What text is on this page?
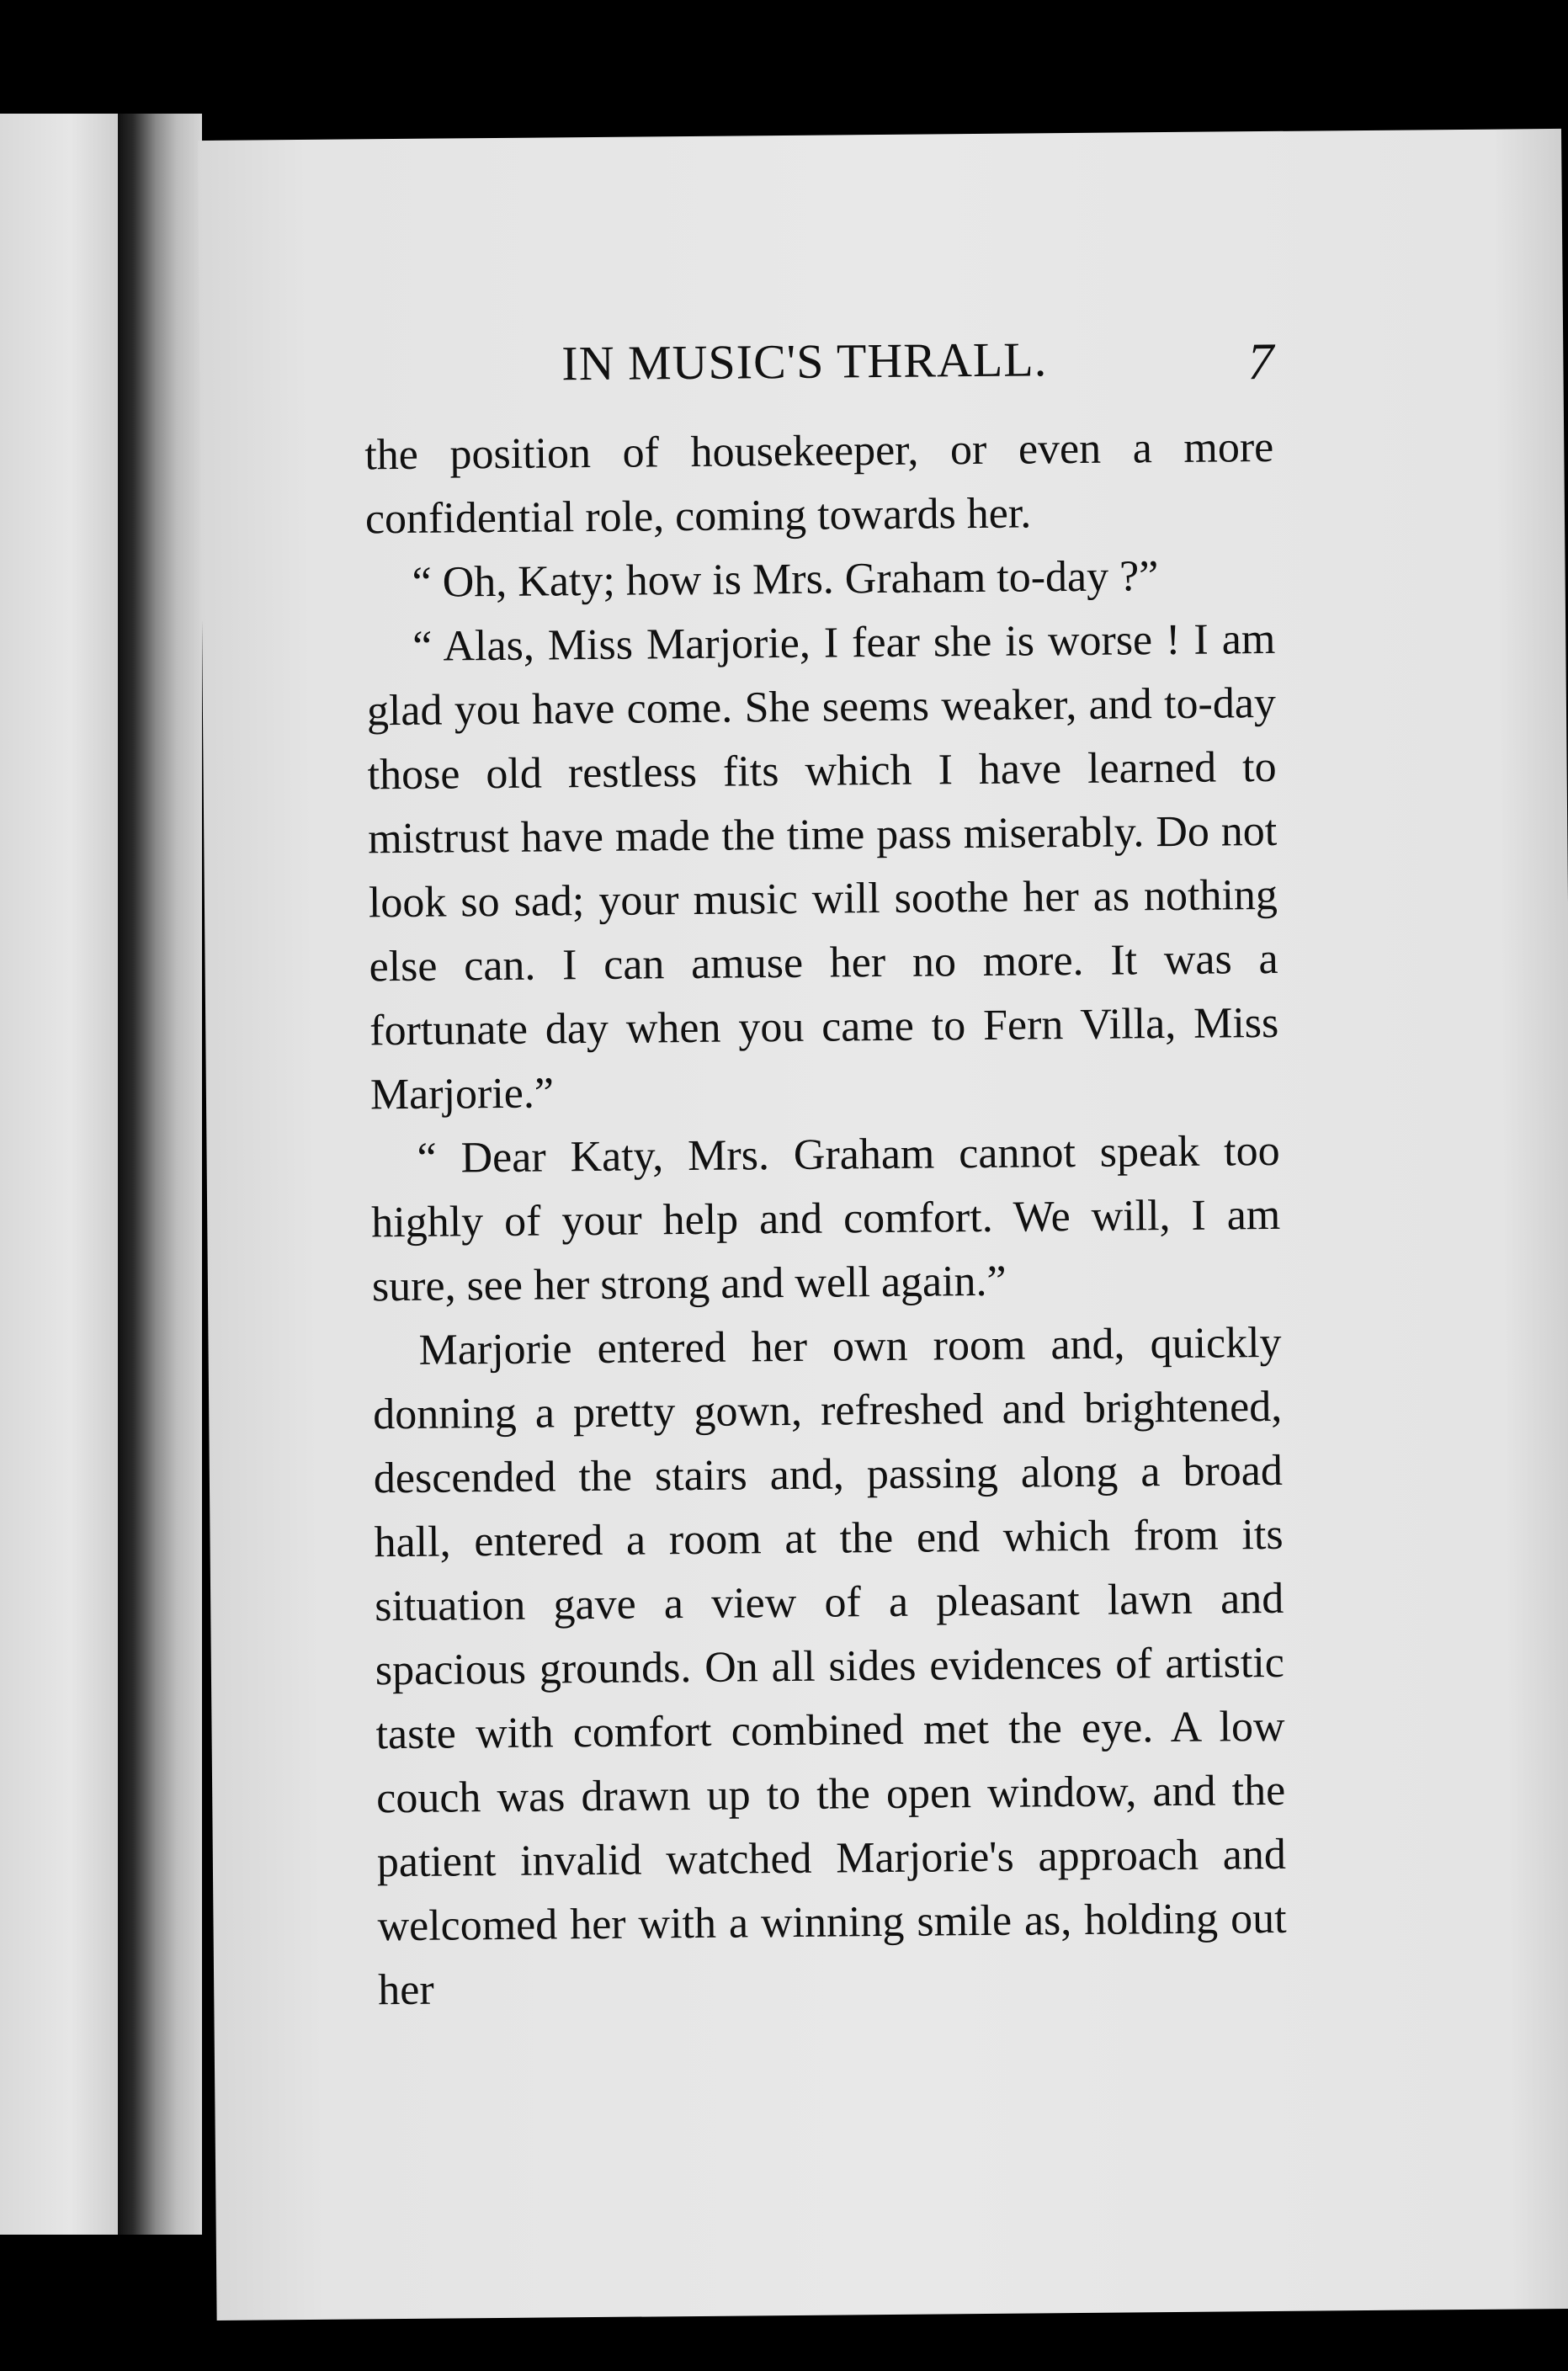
IN MUSIC'S THRALL.	7

the position of housekeeper, or even a more confidential role, coming towards her.

“ Oh, Katy; how is Mrs. Graham to-day ?”

“ Alas, Miss Marjorie, I fear she is worse ! I am glad you have come. She seems weaker, and to-day those old restless fits which I have learned to mistrust have made the time pass miserably. Do not look so sad; your music will soothe her as nothing else can. I can amuse her no more. It was a fortunate day when you came to Fern Villa, Miss Marjorie.”

“ Dear Katy, Mrs. Graham cannot speak too highly of your help and comfort. We will, I am sure, see her strong and well again.”

Marjorie entered her own room and, quickly donning a pretty gown, refreshed and brightened, descended the stairs and, passing along a broad hall, entered a room at the end which from its situation gave a view of a pleasant lawn and spacious grounds. On all sides evidences of artistic taste with comfort combined met the eye. A low couch was drawn up to the open window, and the patient invalid watched Marjorie's approach and welcomed her with a winning smile as, holding out her
